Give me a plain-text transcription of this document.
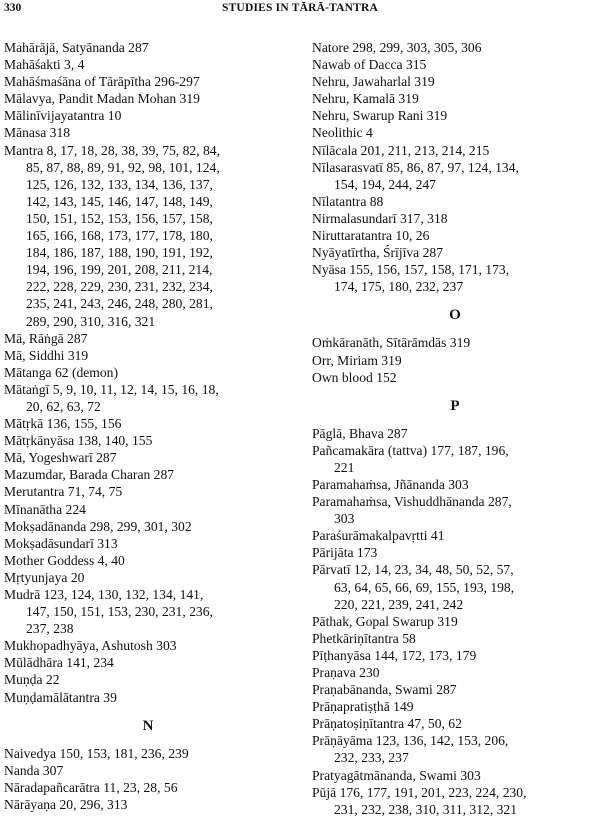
330	STUDIES IN TĀRĀ-TANTRA
Mahārājā, Satyānanda 287
Mahāśakti 3, 4
Mahāśmaśāna of Tārāpītha 296-297
Mālavya, Pandit Madan Mohan 319
Mālinīvijayatantra 10
Mānasa 318
Mantra 8, 17, 18, 28, 38, 39, 75, 82, 84,
85, 87, 88, 89, 91, 92, 98, 101, 124,
125, 126, 132, 133, 134, 136, 137,
142, 143, 145, 146, 147, 148, 149,
150, 151, 152, 153, 156, 157, 158,
165, 166, 168, 173, 177, 178, 180,
184, 186, 187, 188, 190, 191, 192,
194, 196, 199, 201, 208, 211, 214,
222, 228, 229, 230, 231, 232, 234,
235, 241, 243, 246, 248, 280, 281,
289, 290, 310, 316, 321
Mā, Rāṅgā 287
Mā, Siddhi 319
Mātanga 62 (demon)
Mātaṅgī 5, 9, 10, 11, 12, 14, 15, 16, 18,
20, 62, 63, 72
Mātṛkā 136, 155, 156
Mātṛkānyāsa 138, 140, 155
Mā, Yogeshwarī 287
Mazumdar, Barada Charan 287
Merutantra 71, 74, 75
Mīnanātha 224
Mokṣadānanda 298, 299, 301, 302
Mokṣadāsundarī 313
Mother Goddess 4, 40
Mṛtyunjaya 20
Mudrā 123, 124, 130, 132, 134, 141,
147, 150, 151, 153, 230, 231, 236,
237, 238
Mukhopadhyāya, Ashutosh 303
Mūlādhāra 141, 234
Muṇḍa 22
Muṇḍamālātantra 39
N
Naivedya 150, 153, 181, 236, 239
Nanda 307
Nāradapañcarātra 11, 23, 28, 56
Nārāyaṇa 20, 296, 313
Natore 298, 299, 303, 305, 306
Nawab of Dacca 315
Nehru, Jawaharlal 319
Nehru, Kamalā 319
Nehru, Swarup Rani 319
Neolithic 4
Nīlācala 201, 211, 213, 214, 215
Nīlasarasvatī 85, 86, 87, 97, 124, 134,
154, 194, 244, 247
Nīlatantra 88
Nirmalasundarī 317, 318
Niruttaratantra 10, 26
Nyāyatīrtha, Śrījīva 287
Nyāsa 155, 156, 157, 158, 171, 173,
174, 175, 180, 232, 237
O
Oṁkāranāth, Sītārāmdās 319
Orr, Miriam 319
Own blood 152
P
Pāglā, Bhava 287
Pañcamakāra (tattva) 177, 187, 196,
221
Paramahaṁsa, Jñānanda 303
Paramahaṁsa, Vishuddhānanda 287,
303
Paraśurāmakalpavṛtti 41
Pārijāta 173
Pārvatī 12, 14, 23, 34, 48, 50, 52, 57,
63, 64, 65, 66, 69, 155, 193, 198,
220, 221, 239, 241, 242
Pāthak, Gopal Swarup 319
Phetkāriṇītantra 58
Pīṭhanyāsa 144, 172, 173, 179
Praṇava 230
Praṇabānanda, Swami 287
Prāṇapratiṣṭhā 149
Prāṇatoṣiṇītantra 47, 50, 62
Prāṇāyāma 123, 136, 142, 153, 206,
232, 233, 237
Pratyagātmānanda, Swami 303
Pūjā 176, 177, 191, 201, 223, 224, 230,
231, 232, 238, 310, 311, 312, 321
